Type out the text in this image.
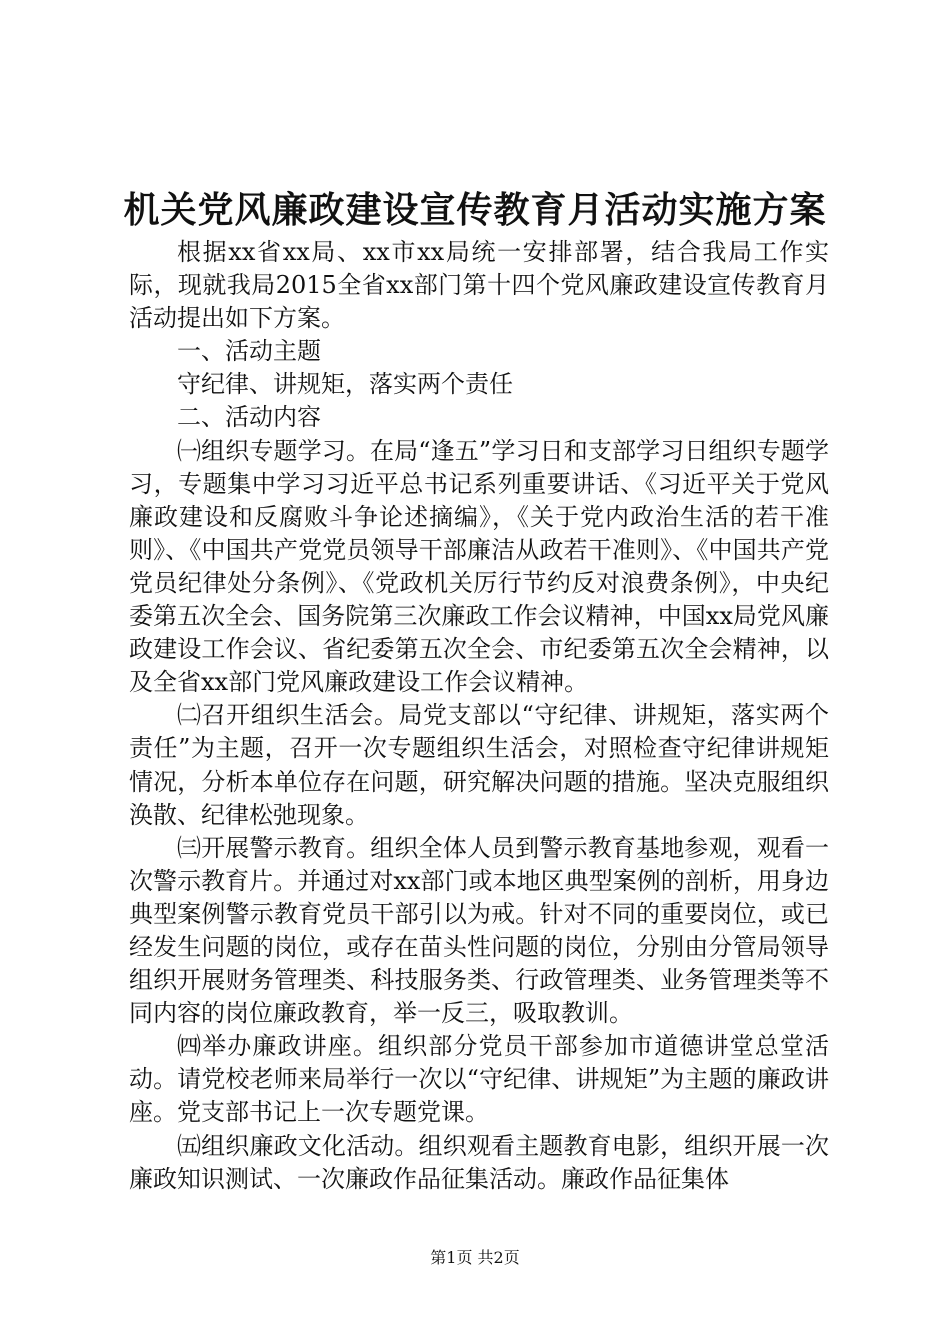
机关党风廉政建设宣传教育月活动实施方案

根据xx省xx局、xx市xx局统一安排部署，结合我局工作实际，现就我局2015全省xx部门第十四个党风廉政建设宣传教育月活动提出如下方案。

一、活动主题

守纪律、讲规矩，落实两个责任

二、活动内容

㈠组织专题学习。在局“逢五”学习日和支部学习日组织专题学习，专题集中学习习近平总书记系列重要讲话、《习近平关于党风廉政建设和反腐败斗争论述摘编》，《关于党内政治生活的若干准则》、《中国共产党党员领导干部廉洁从政若干准则》、《中国共产党党员纪律处分条例》、《党政机关厉行节约反对浪费条例》，中央纪委第五次全会、国务院第三次廉政工作会议精神，中国xx局党风廉政建设工作会议、省纪委第五次全会、市纪委第五次全会精神，以及全省xx部门党风廉政建设工作会议精神。

㈡召开组织生活会。局党支部以“守纪律、讲规矩，落实两个责任”为主题，召开一次专题组织生活会，对照检查守纪律讲规矩情况，分析本单位存在问题，研究解决问题的措施。坚决克服组织涣散、纪律松弛现象。

㈢开展警示教育。组织全体人员到警示教育基地参观，观看一次警示教育片。并通过对xx部门或本地区典型案例的剖析，用身边典型案例警示教育党员干部引以为戒。针对不同的重要岗位，或已经发生问题的岗位，或存在苗头性问题的岗位，分别由分管局领导组织开展财务管理类、科技服务类、行政管理类、业务管理类等不同内容的岗位廉政教育，举一反三，吸取教训。

㈣举办廉政讲座。组织部分党员干部参加市道德讲堂总堂活动。请党校老师来局举行一次以“守纪律、讲规矩”为主题的廉政讲座。党支部书记上一次专题党课。

㈤组织廉政文化活动。组织观看主题教育电影，组织开展一次廉政知识测试、一次廉政作品征集活动。廉政作品征集体

第1页 共2页
